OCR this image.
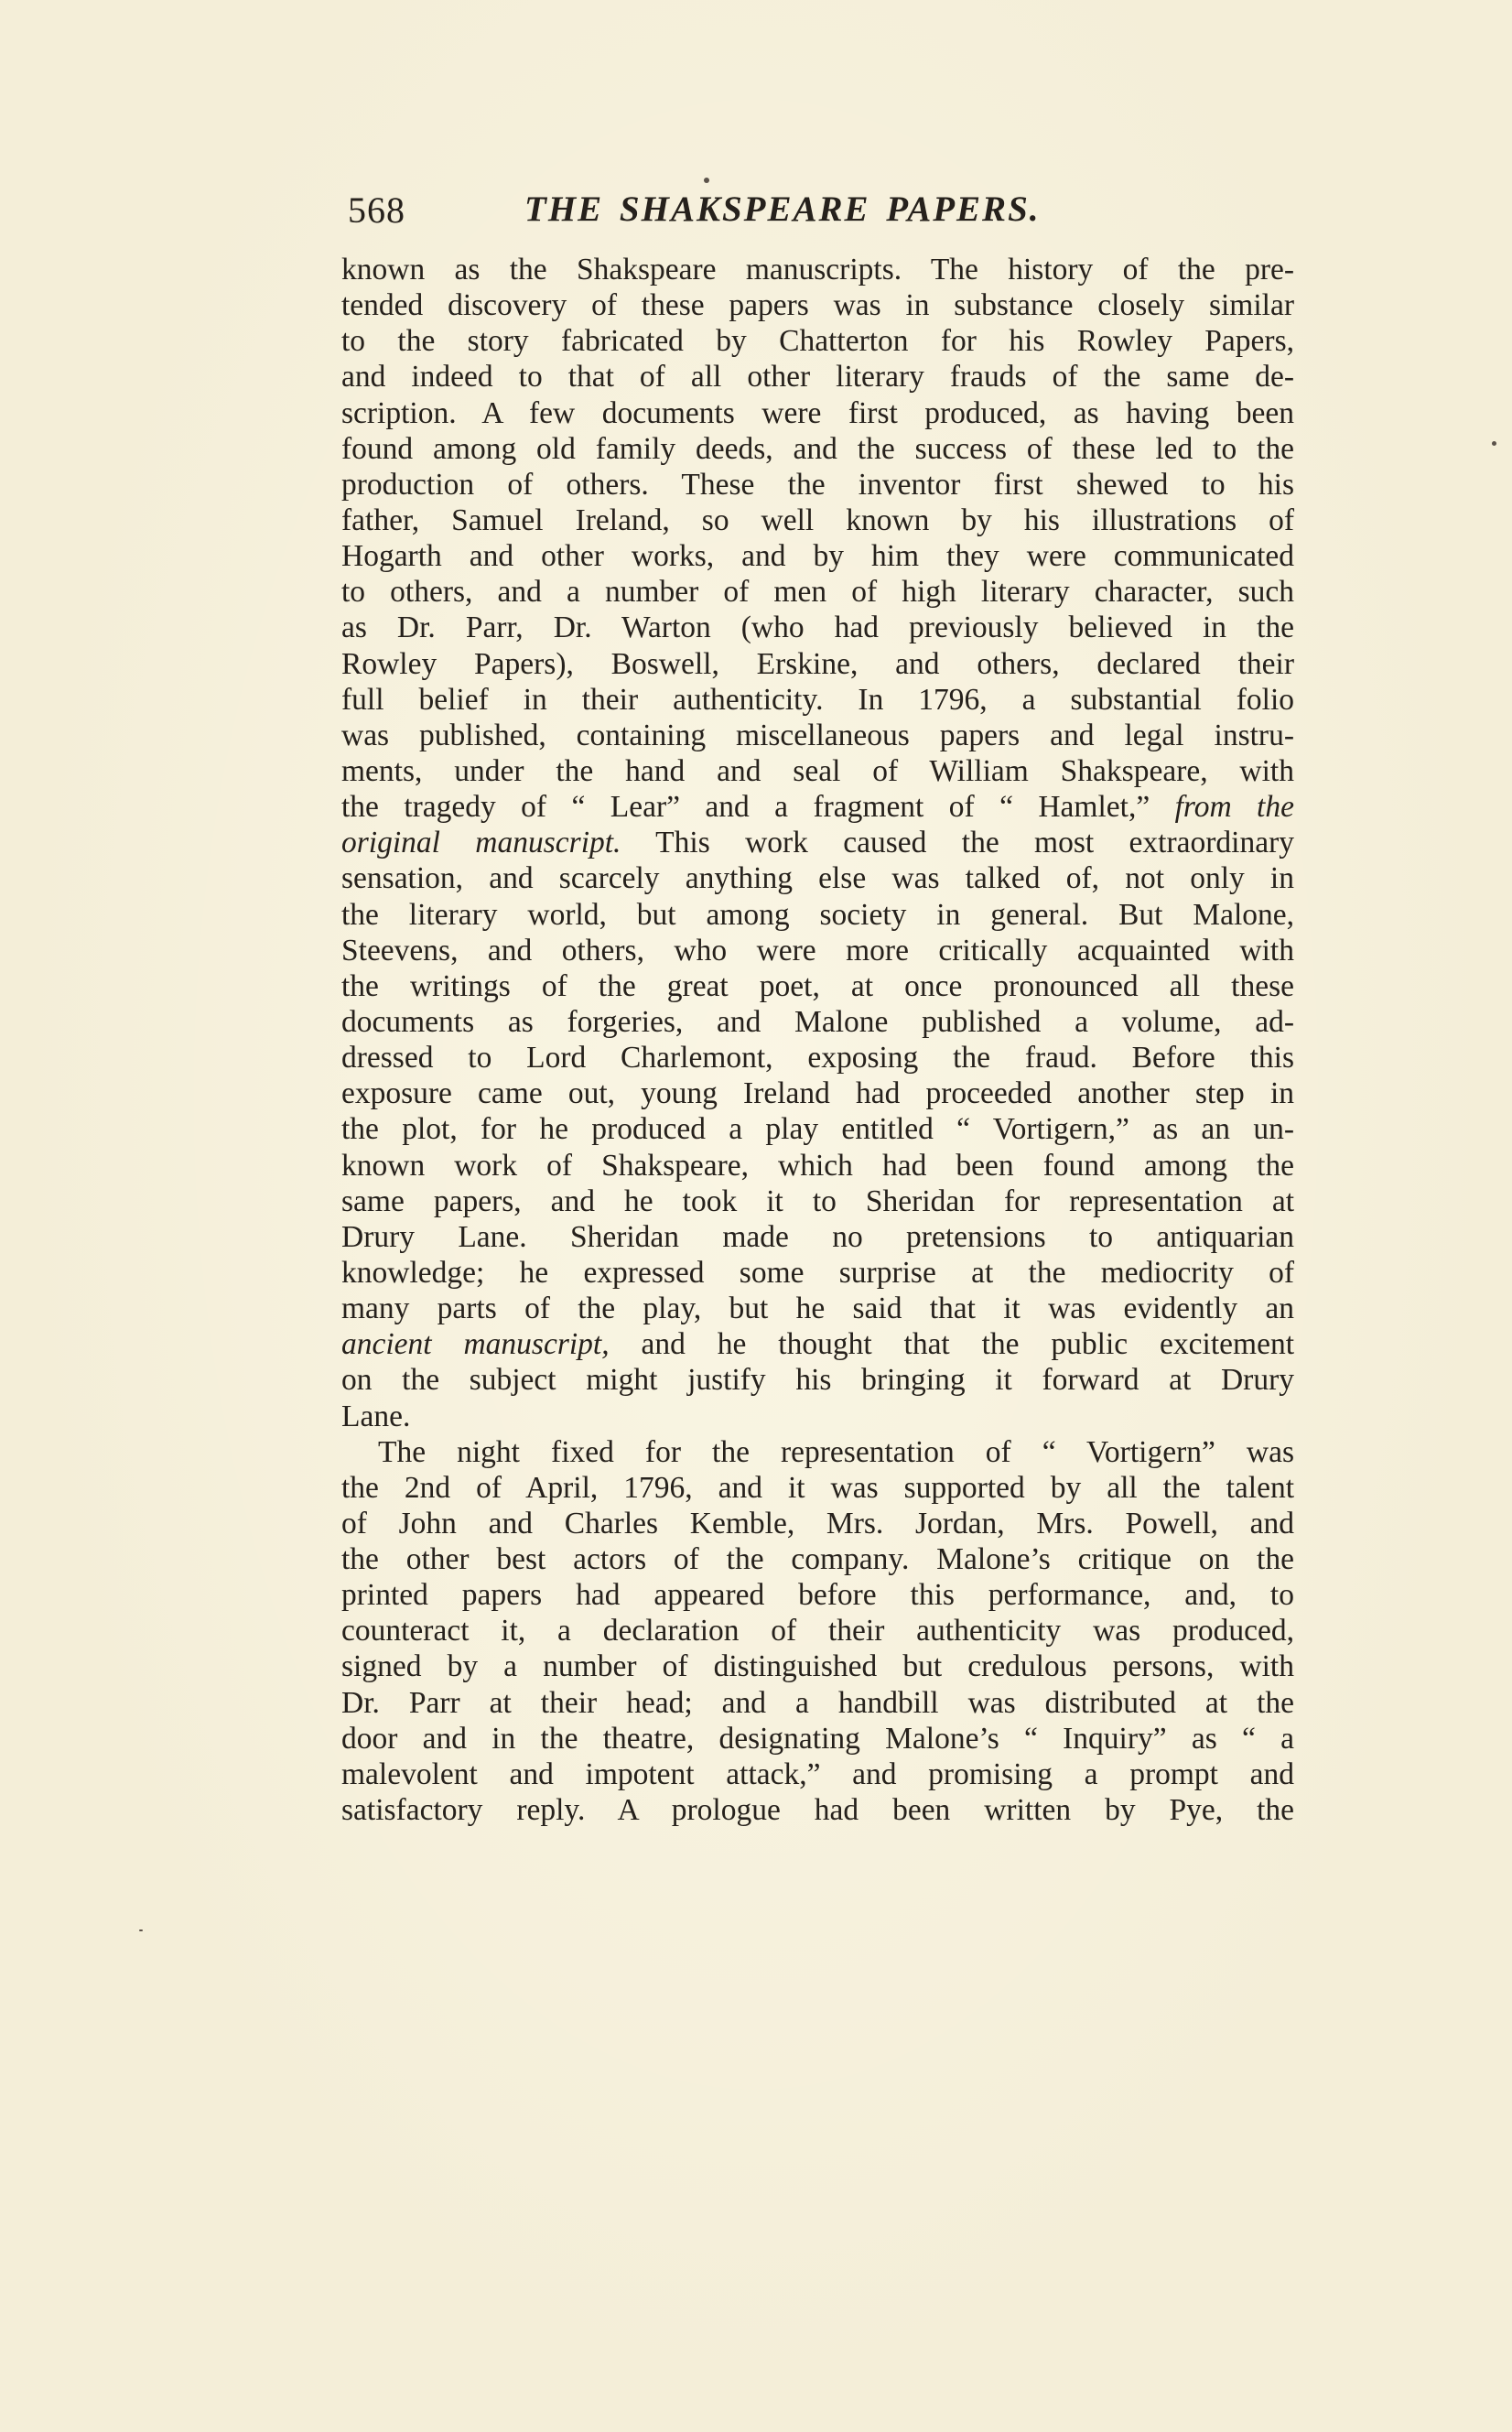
568	THE SHAKSPEARE PAPERS.
known as the Shakspeare manuscripts. The history of the pre-
tended discovery of these papers was in substance closely similar
to the story fabricated by Chatterton for his Rowley Papers,
and indeed to that of all other literary frauds of the same de-
scription. A few documents were first produced, as having been
found among old family deeds, and the success of these led to the
production of others. These the inventor first shewed to his
father, Samuel Ireland, so well known by his illustrations of
Hogarth and other works, and by him they were communicated
to others, and a number of men of high literary character, such
as Dr. Parr, Dr. Warton (who had previously believed in the
Rowley Papers), Boswell, Erskine, and others, declared their
full belief in their authenticity. In 1796, a substantial folio
was published, containing miscellaneous papers and legal instru-
ments, under the hand and seal of William Shakspeare, with
the tragedy of “ Lear” and a fragment of “ Hamlet,” from the
original manuscript. This work caused the most extraordinary
sensation, and scarcely anything else was talked of, not only in
the literary world, but among society in general. But Malone,
Steevens, and others, who were more critically acquainted with
the writings of the great poet, at once pronounced all these
documents as forgeries, and Malone published a volume, ad-
dressed to Lord Charlemont, exposing the fraud. Before this
exposure came out, young Ireland had proceeded another step in
the plot, for he produced a play entitled “ Vortigern,” as an un-
known work of Shakspeare, which had been found among the
same papers, and he took it to Sheridan for representation at
Drury Lane. Sheridan made no pretensions to antiquarian
knowledge; he expressed some surprise at the mediocrity of
many parts of the play, but he said that it was evidently an
ancient manuscript, and he thought that the public excitement
on the subject might justify his bringing it forward at Drury
Lane.
The night fixed for the representation of “ Vortigern” was
the 2nd of April, 1796, and it was supported by all the talent
of John and Charles Kemble, Mrs. Jordan, Mrs. Powell, and
the other best actors of the company. Malone’s critique on the
printed papers had appeared before this performance, and, to
counteract it, a declaration of their authenticity was produced,
signed by a number of distinguished but credulous persons, with
Dr. Parr at their head; and a handbill was distributed at the
door and in the theatre, designating Malone’s “ Inquiry” as “ a
malevolent and impotent attack,” and promising a prompt and
satisfactory reply. A prologue had been written by Pye, the
